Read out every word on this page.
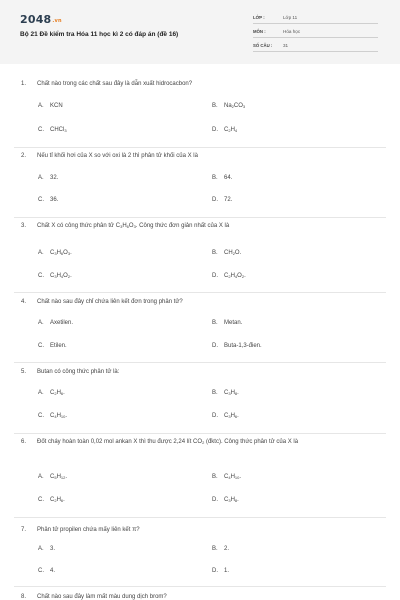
2048.vn
Bộ 21 Đề kiểm tra Hóa 11 học kì 2 có đáp án (đề 16)
LỚP :	Lớp 11
MÔN :	Hóa học
SỐ CÂU : 31
1. Chất nào trong các chất sau đây là dẫn xuất hidrocacbon?
A. KCN	B. $Na_2CO_3$
C. CHCl$_3$	D. $C_2H_4$
2. Nếu tỉ khối hơi của X so với oxi là 2 thì phân tử khối của X là
A. 32.	B. 64.
C. 36.	D. 72.
3. Chất X có công thức phân tử $C_3H_6O_3$. Công thức đơn giản nhất của X là
A. $C_3H_6O_3$.	B. $CH_2O$.
C. $C_3H_4O_2$.	D. $C_2H_4O_2$.
4. Chất nào sau đây chỉ chứa liên kết đơn trong phân tử?
A. Axetilen.	B. Metan.
C. Etilen.	D. Buta-1,3-đien.
5. Butan có công thức phân tử là:
A. $C_2H_6$.	B. $C_3H_8$.
C. $C_4H_{10}$.	D. $C_3H_6$.
6. Đốt cháy hoàn toàn 0,02 mol ankan X thì thu được 2,24 lít $CO_2$ (đktc). Công thức phân tử của X là
A. $C_5H_{12}$.	B. $C_4H_{10}$.
C. $C_2H_6$.	D. $C_3H_8$.
7. Phân tử propilen chứa mấy liên kết π?
A. 3.	B. 2.
C. 4.	D. 1.
8. Chất nào sau đây làm mất màu dung dịch brom?
